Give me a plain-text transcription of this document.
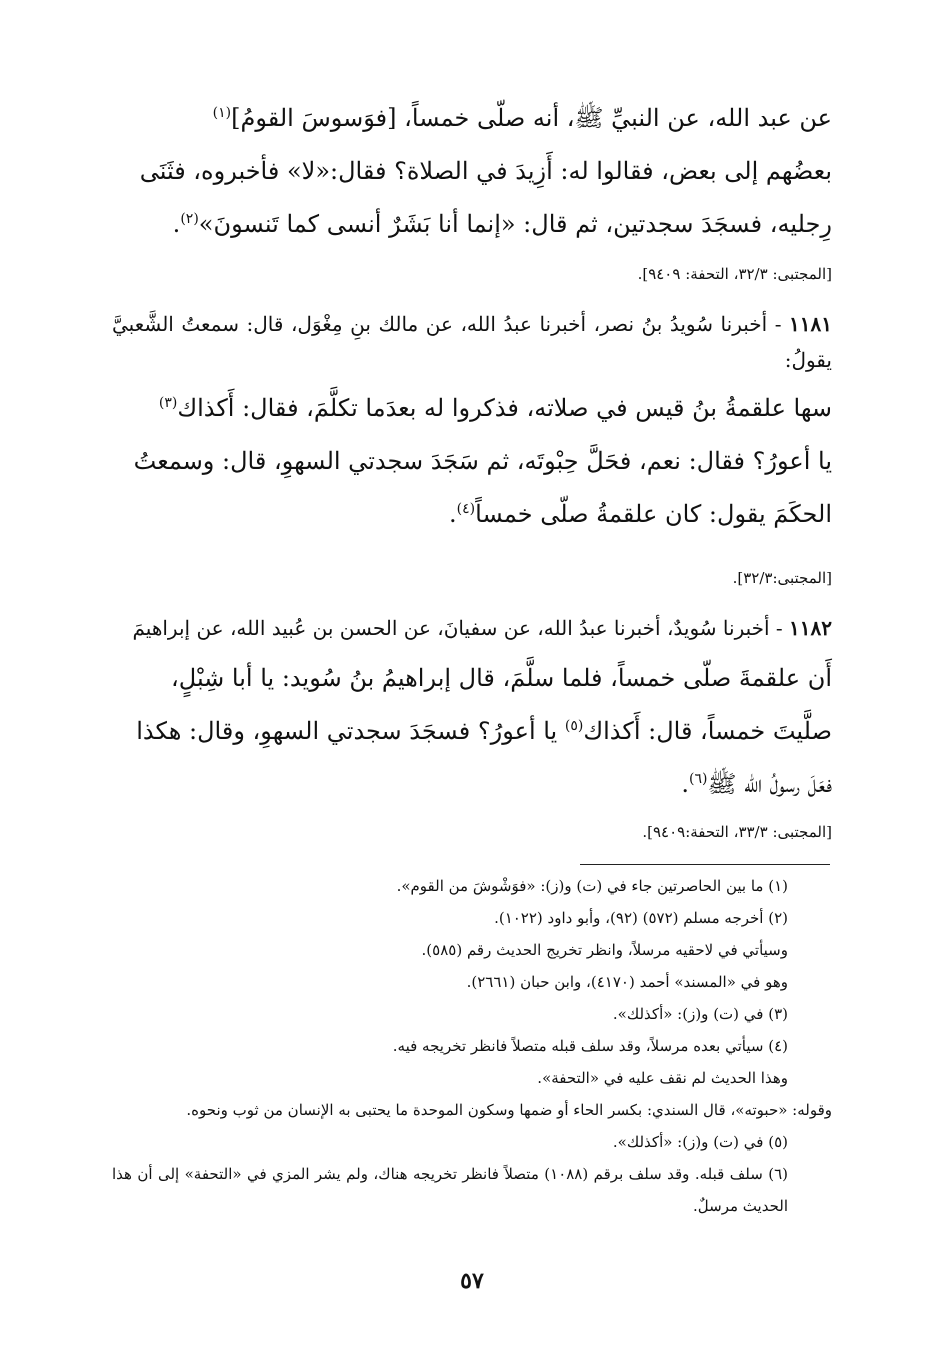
عن عبد الله، عن النبيِّ ﷺ، أنه صلّى خمساً، [فوَسوسَ القومُ]$^{(١)}$
بعضُهم إلى بعض، فقالوا له: أَزِيدَ في الصلاة؟ فقال:«لا» فأخبروه، فثَنَى
رِجليه، فسجَدَ سجدتين، ثم قال: «إنما أنا بَشَرٌ أنسى كما تَنسونَ»$^{(٢)}$.
[المجتبى: ٣٢/٣، التحفة: ٩٤٠٩].
١١٨١ - أخبرنا سُويدُ بنُ نصر، أخبرنا عبدُ الله، عن مالك بنِ مِغْوَل، قال: سمعتُ الشَّعبيَّ يقولُ:
سها علقمةُ بنُ قيس في صلاته، فذكروا له بعدَما تكلَّمَ، فقال: أَكذاك$^{(٣)}$
يا أعورُ؟ فقال: نعم، فحَلَّ حِبْوتَه، ثم سَجَدَ سجدتي السهوِ، قال: وسمعتُ
الحكَمَ يقول: كان علقمةُ صلّى خمساً$^{(٤)}$.
[المجتبى:٣٢/٣].
١١٨٢ - أخبرنا سُويدٌ، أخبرنا عبدُ الله، عن سفيانَ، عن الحسن بن عُبيد الله، عن إبراهيمَ
أَن علقمةَ صلّى خمساً، فلما سلَّمَ، قال إبراهيمُ بنُ سُويد: يا أبا شِبْلٍ،
صلَّيتَ خمساً، قال: أَكذاك$^{(٥)}$ يا أعورُ؟ فسجَدَ سجدتي السهوِ، وقال: هكذا
فعَلَ رسولُ الله ﷺ$^{(٦)}$.
[المجتبى: ٣٣/٣، التحفة:٩٤٠٩].
(١) ما بين الحاصرتين جاء في (ت) و(ز): «فوَشْوشَ من القوم».
(٢) أخرجه مسلم (٥٧٢) (٩٢)، وأبو داود (١٠٢٢).
وسيأتي في لاحقيه مرسلاً، وانظر تخريج الحديث رقم (٥٨٥).
وهو في «المسند» أحمد (٤١٧٠)، وابن حبان (٢٦٦١).
(٣) في (ت) و(ز): «أكذلك».
(٤) سيأتي بعده مرسلاً، وقد سلف قبله متصلاً فانظر تخريجه فيه.
وهذا الحديث لم نقف عليه في «التحفة».
وقوله: «حبوته»، قال السندي: بكسر الحاء أو ضمها وسكون الموحدة ما يحتبى به الإنسان من ثوب ونحوه.
(٥) في (ت) و(ز): «أكذلك».
(٦) سلف قبله. وقد سلف برقم (١٠٨٨) متصلاً فانظر تخريجه هناك، ولم يشر المزي في «التحفة» إلى أن هذا الحديث مرسلٌ.
٥٧
